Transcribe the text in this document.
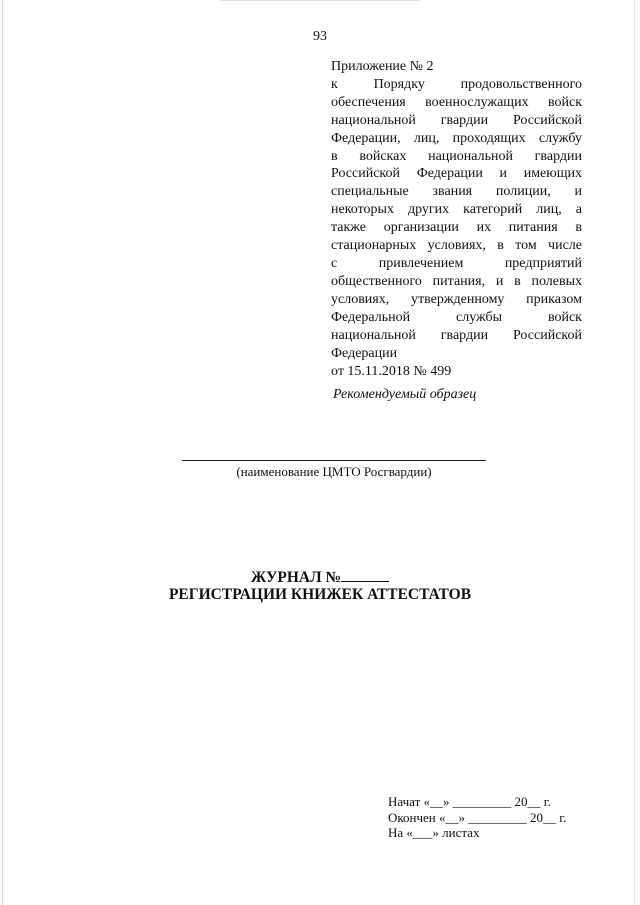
93
Приложение № 2
к Порядку продовольственного
обеспечения военнослужащих войск
национальной гвардии Российской
Федерации, лиц, проходящих службу
в войсках национальной гвардии
Российской Федерации и имеющих
специальные звания полиции, и
некоторых других категорий лиц, а
также организации их питания в
стационарных условиях, в том числе
с привлечением предприятий
общественного питания, и в полевых
условиях, утвержденному приказом
Федеральной службы войск
национальной гвардии Российской
Федерации
от 15.11.2018 № 499
Рекомендуемый образец
(наименование ЦМТО Росгвардии)
ЖУРНАЛ №
РЕГИСТРАЦИИ КНИЖЕК АТТЕСТАТОВ
Начат «__» _________ 20__ г.
Окончен «__» _________ 20__ г.
На «___» листах
